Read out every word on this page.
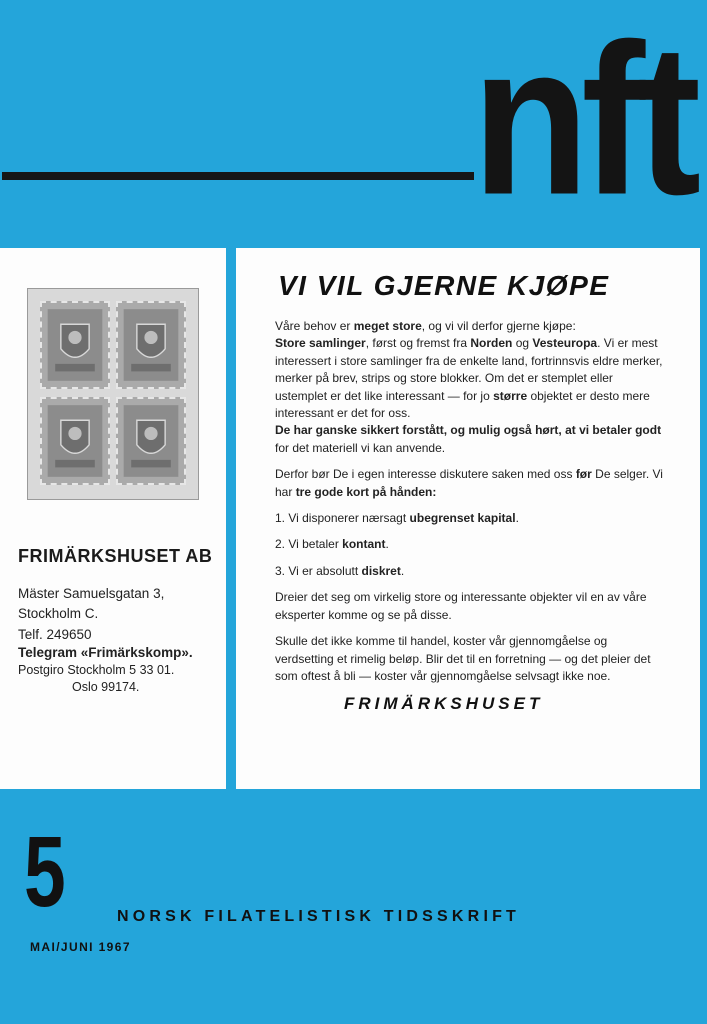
nft
FRIMÄRKSHUSET AB
Mäster Samuelsgatan 3,
Stockholm C.
Telf. 249650
Telegram «Frimärkskomp».
Postgiro Stockholm 5 33 01.
Oslo 99174.
VI VIL GJERNE KJØPE

Våre behov er meget store, og vi vil derfor gjerne kjøpe:
Store samlinger, først og fremst fra Norden og Vesteuropa. Vi er mest interessert i store samlinger fra de enkelte land, fortrinnsvis eldre merker, merker på brev, strips og store blokker. Om det er stemplet eller ustemplet er det like interessant — for jo større objektet er desto mere interessant er det for oss.
De har ganske sikkert forstått, og mulig også hørt, at vi betaler godt for det materiell vi kan anvende.

Derfor bør De i egen interesse diskutere saken med oss før De selger. Vi har tre gode kort på hånden:

1. Vi disponerer nærsagt ubegrenset kapital.

2. Vi betaler kontant.

3. Vi er absolutt diskret.

Dreier det seg om virkelig store og interessante objekter vil en av våre eksperter komme og se på disse.

Skulle det ikke komme til handel, koster vår gjennomgåelse og verdsetting et rimelig beløp. Blir det til en forretning — og det pleier det som oftest å bli — koster vår gjennomgåelse selvsagt ikke noe.

FRIMÄRKSHUSET
5	NORSK FILATELISTISK TIDSSKRIFT
MAI/JUNI 1967
